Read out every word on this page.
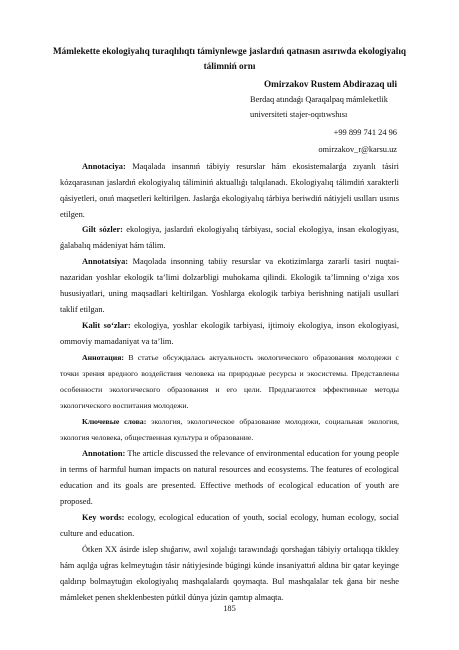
Mámlekette ekologiyalıq turaqlılıqtı támiynlewge jaslardıń qatnasın asırıwda ekologiyalıq tálimniń ornı
Omirzakov Rustem Abdirazaq uli
Berdaq atındaǵı Qaraqalpaq mámleketlik
universiteti stajer-oqıtıwshısı
+99 899 741 24 96
omirzakov_r@karsu.uz

Annotaciya: Maqalada insannıń tábiyiy resurslar hám ekosistemalarǵa zıyanlı tásiri kózqarasınan jaslardıń ekologiyalıq táliminiń aktuallıǵı talqılanadı. Ekologiyalıq tálimdiń xarakterli qásiyetleri, onıń maqsetleri keltirilgen. Jaslarǵa ekologiyalıq tárbiya beriwdiń nátiyjeli usılları usınıs etilgen.

Gilt sózler: ekologiya, jaslardıń ekologiyalıq tárbiyası, social ekologiya, insan ekologiyası, ǵalabalıq mádeniyat hám tálim.

Annotatsiya: Maqolada insonning tabiiy resurslar va ekotizimlarga zararli tasiri nuqtai-nazaridan yoshlar ekologik ta’limi dolzarbligi muhokama qilindi. Ekologik ta’limning o‘ziga xos hususiyatlari, uning maqsadlari keltirilgan. Yoshlarga ekologik tarbiya berishning natijali usullari taklif etilgan.

Kalit so‘zlar: ekologiya, yoshlar ekologik tarbiyasi, ijtimoiy ekologiya, inson ekologiyasi, ommoviy mamadaniyat va ta’lim.

Аннотация: В статье обсуждалась актуальность экологического образования молодежи с точки зрения вредного воздействия человека на природные ресурсы и экосистемы. Представлены особенности экологического образования и его цели. Предлагаются эффективные методы экологического воспитания молодежи.

Ключевые слова: экология, экологическое образование молодежи, социальная экология, экология человека, общественная культура и образование.

Annotation: The article discussed the relevance of environmental education for young people in terms of harmful human impacts on natural resources and ecosystems. The features of ecological education and its goals are presented. Effective methods of ecological education of youth are proposed.

Key words: ecology, ecological education of youth, social ecology, human ecology, social culture and education.

Ótken XX ásirde islep shıǵarıw, awıl xojalıǵı tarawındaǵı qorshaǵan tábiyiy ortalıqqa tikkley hám aqılǵa uǵras kelmeytuǵın tásir nátiyjesinde búgingi kúnde insaniyattıń aldına bir qatar keyinge qaldırıp bolmaytuǵın ekologiyalıq mashqalalardı qoymaqta. Bul mashqalalar tek ǵana bir neshe mámleket penen sheklenbesten pútkil dúnya júzin qamtıp almaqta.

185
